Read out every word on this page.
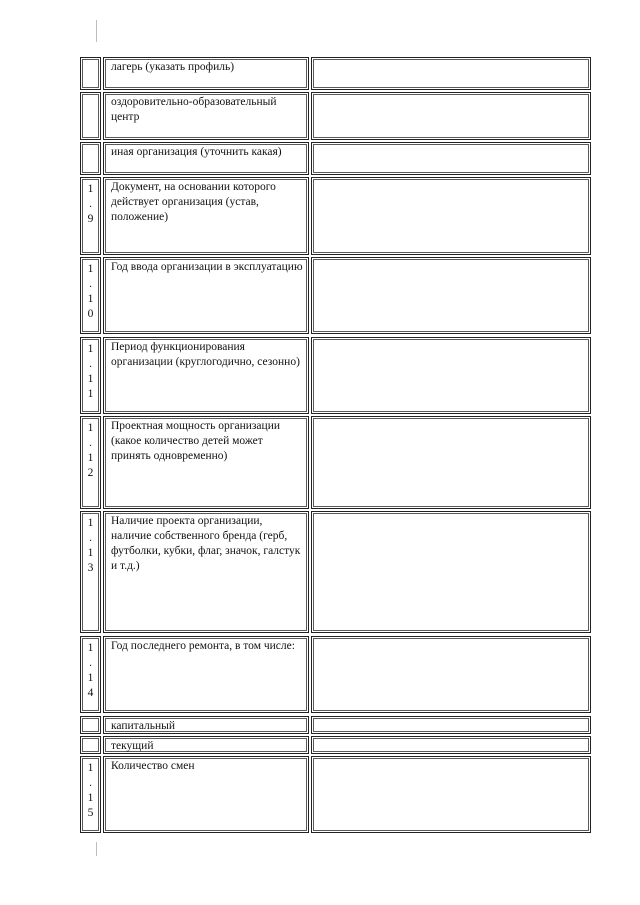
лагерь (указать профиль)
оздоровительно-образовательный центр
иная организация (уточнить какая)
1
.
9
Документ, на основании которого действует организация (устав, положение)
1
.
1
0
Год ввода организации в эксплуатацию
1
.
1
1
Период функционирования организации (круглогодично, сезонно)
1
.
1
2
Проектная мощность организации (какое количество детей может принять одновременно)
1
.
1
3
Наличие проекта организации, наличие собственного бренда (герб, футболки, кубки, флаг, значок, галстук и т.д.)
1
.
1
4
Год последнего ремонта, в том числе:
капитальный
текущий
1
.
1
5
Количество смен
